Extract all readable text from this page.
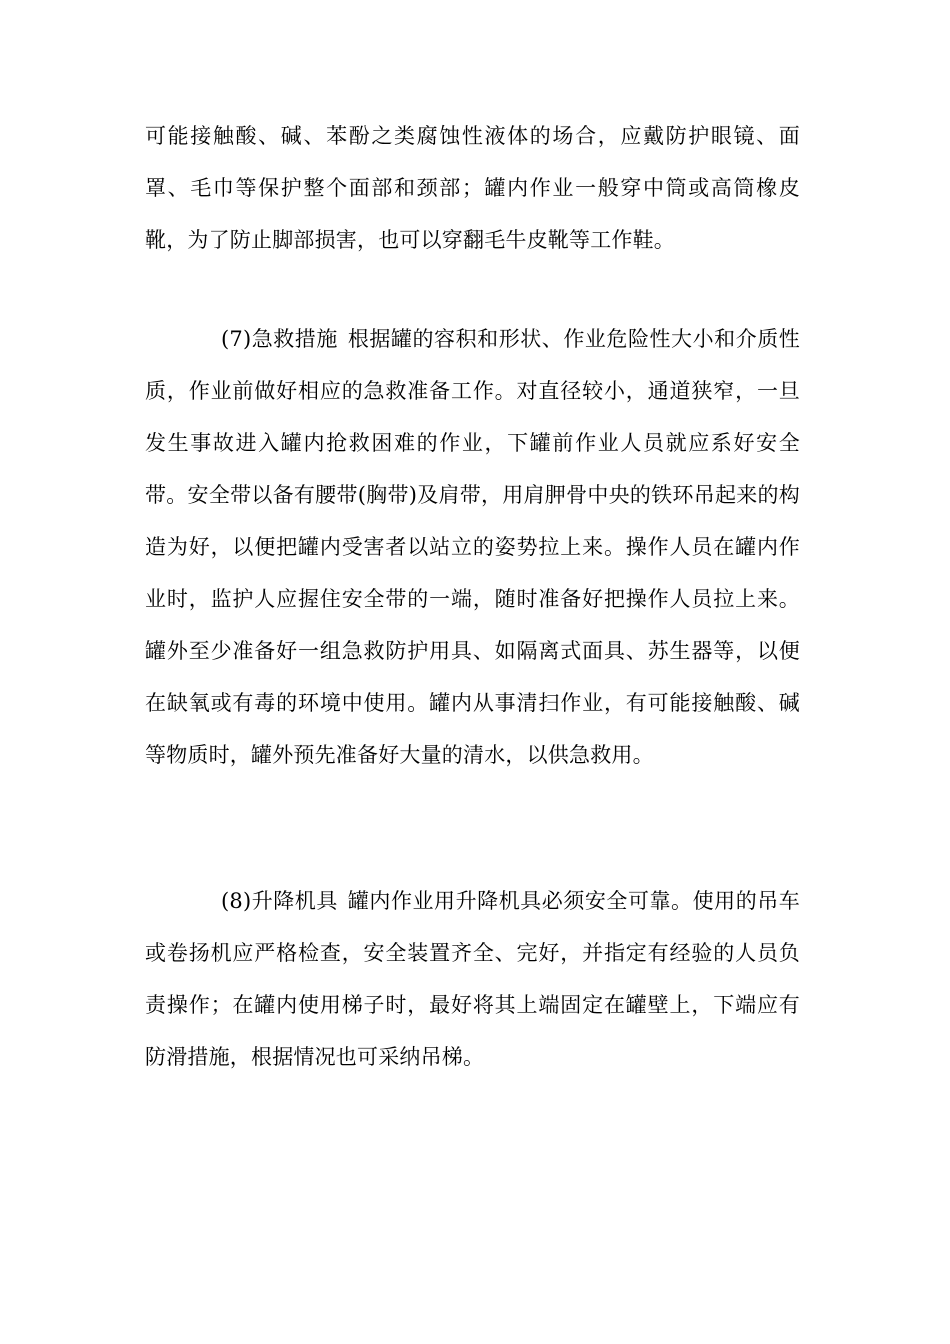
可能接触酸、碱、苯酚之类腐蚀性液体的场合，应戴防护眼镜、面罩、毛巾等保护整个面部和颈部；罐内作业一般穿中筒或高筒橡皮靴，为了防止脚部损害，也可以穿翻毛牛皮靴等工作鞋。

(7)急救措施 根据罐的容积和形状、作业危险性大小和介质性质，作业前做好相应的急救准备工作。对直径较小，通道狭窄，一旦发生事故进入罐内抢救困难的作业，下罐前作业人员就应系好安全带。安全带以备有腰带(胸带)及肩带，用肩胛骨中央的铁环吊起来的构造为好，以便把罐内受害者以站立的姿势拉上来。操作人员在罐内作业时，监护人应握住安全带的一端，随时准备好把操作人员拉上来。罐外至少准备好一组急救防护用具、如隔离式面具、苏生器等，以便在缺氧或有毒的环境中使用。罐内从事清扫作业，有可能接触酸、碱等物质时，罐外预先准备好大量的清水，以供急救用。

(8)升降机具 罐内作业用升降机具必须安全可靠。使用的吊车或卷扬机应严格检查，安全装置齐全、完好，并指定有经验的人员负责操作；在罐内使用梯子时，最好将其上端固定在罐壁上，下端应有防滑措施，根据情况也可采纳吊梯。
